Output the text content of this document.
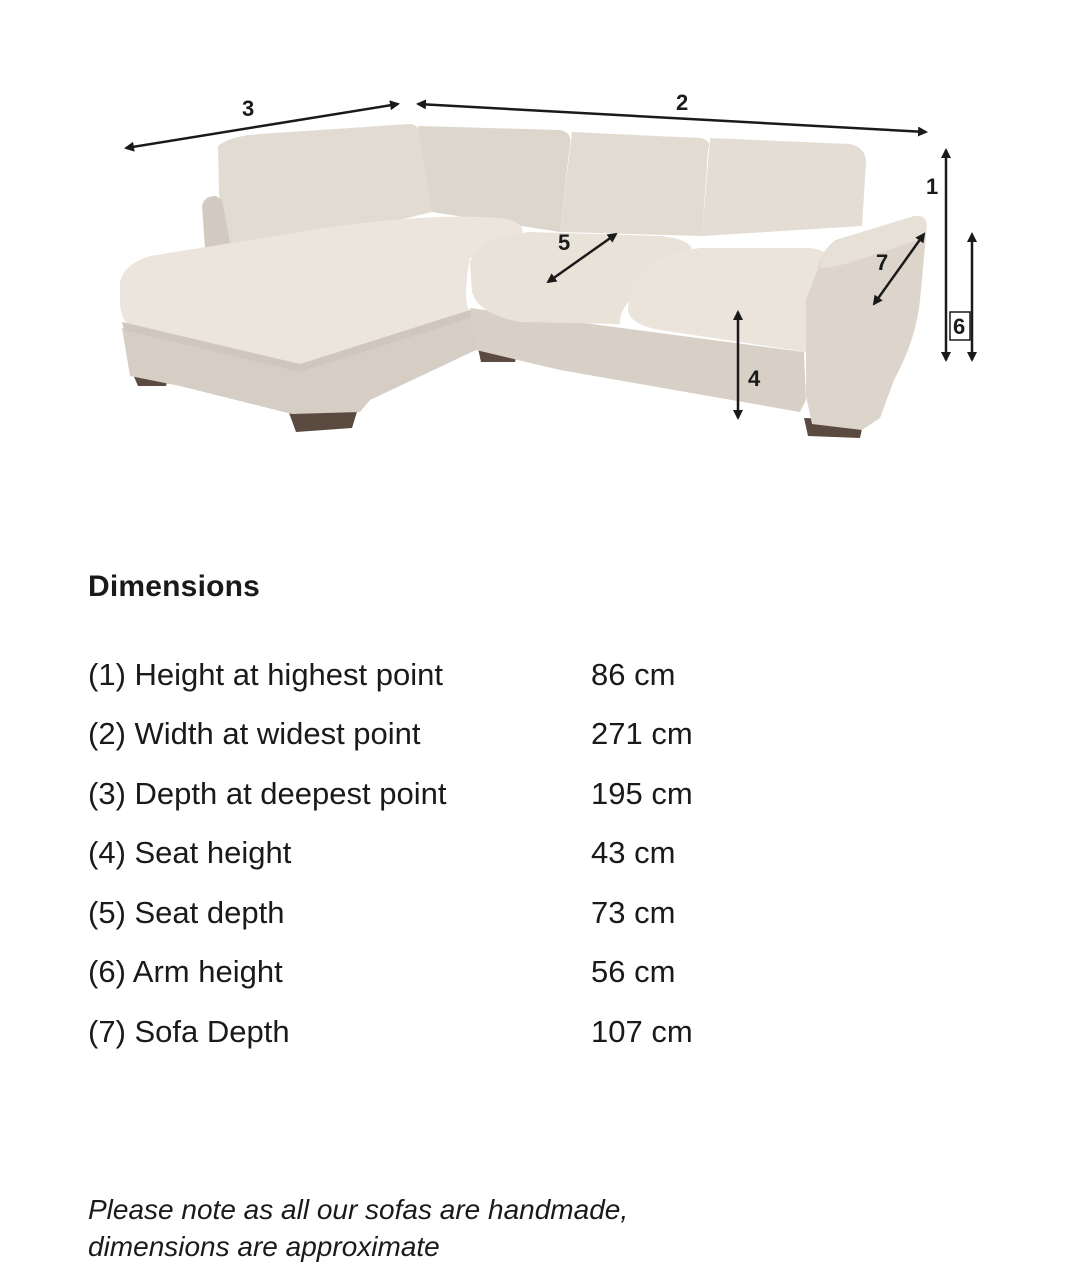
3	2
1
5
7
4
6
Dimensions
(1) Height at highest point	86 cm
(2) Width at widest point	271 cm
(3) Depth at deepest point	195 cm
(4) Seat height	43 cm
(5) Seat depth	73 cm
(6) Arm height	56 cm
(7) Sofa Depth	107 cm

Please note as all our sofas are handmade,
dimensions are approximate
